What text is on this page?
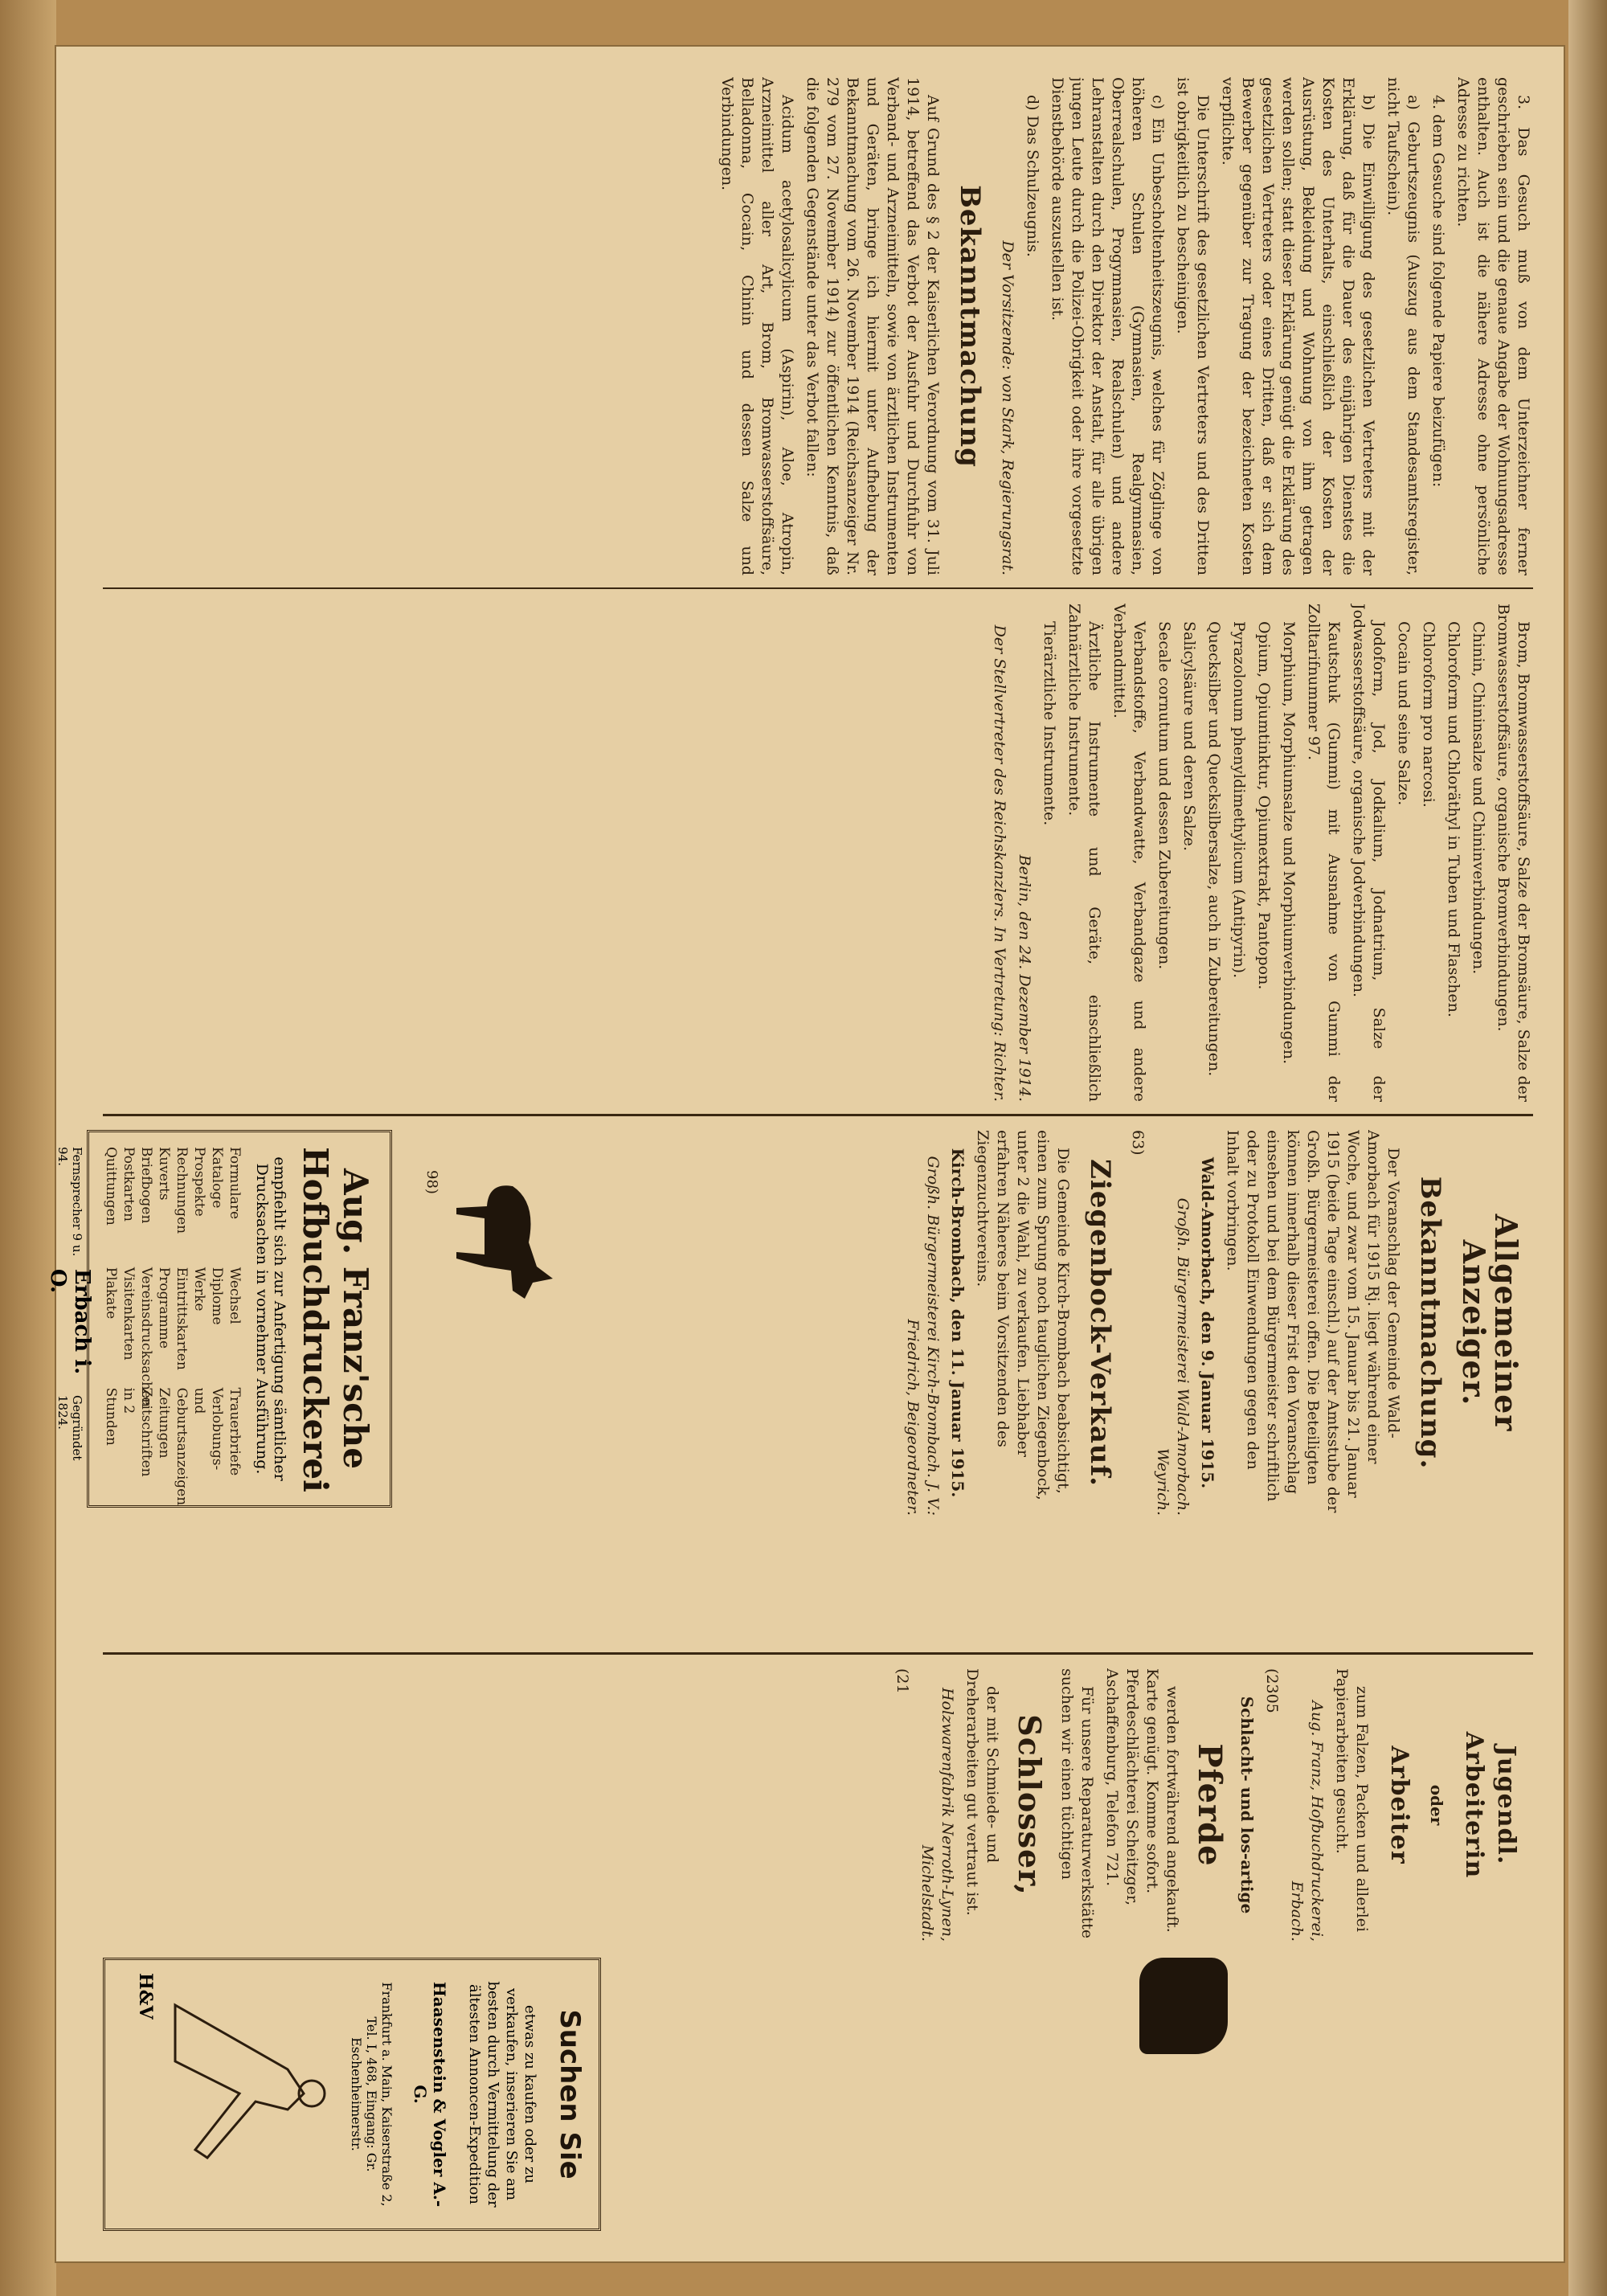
3. Das Gesuch muß von dem Unterzeichner ferner geschrieben sein und die genaue Angabe der Wohnungsadresse enthalten. Auch ist die nähere Adresse ohne persönliche Adresse zu richten.

4. dem Gesuche sind folgende Papiere beizufügen:

a) Geburtszeugnis (Auszug aus dem Standesamtsregister, nicht Taufschein).

b) Die Einwilligung des gesetzlichen Vertreters mit der Erklärung, daß für die Dauer des einjährigen Dienstes die Kosten des Unterhalts, einschließlich der Kosten der Ausrüstung, Bekleidung und Wohnung von ihm getragen werden sollen; statt dieser Erklärung genügt die Erklärung des gesetzlichen Vertreters oder eines Dritten, daß er sich dem Bewerber gegenüber zur Tragung der bezeichneten Kosten verpflichte.

Die Unterschrift des gesetzlichen Vertreters und des Dritten ist obrigkeitlich zu bescheinigen.

c) Ein Unbescholtenheitszeugnis, welches für Zöglinge von höheren Schulen (Gymnasien, Realgymnasien, Oberrealschulen, Progymnasien, Realschulen) und andere Lehranstalten durch den Direktor der Anstalt, für alle übrigen jungen Leute durch die Polizei-Obrigkeit oder ihre vorgesetzte Dienstbehörde auszustellen ist.

d) Das Schulzeugnis.

Der Vorsitzende: von Stark, Regierungsrat.

Bekanntmachung

Auf Grund des § 2 der Kaiserlichen Verordnung vom 31. Juli 1914, betreffend das Verbot der Ausfuhr und Durchfuhr von Verband- und Arzneimitteln, sowie von ärztlichen Instrumenten und Geräten, bringe ich hiermit unter Aufhebung der Bekanntmachung vom 26. November 1914 (Reichsanzeiger Nr. 279 vom 27. November 1914) zur öffentlichen Kenntnis, daß die folgenden Gegenstände unter das Verbot fallen:

Acidum acetylosalicylicum (Aspirin), Aloe, Atropin, Arzneimittel aller Art, Brom, Bromwasserstoffsäure, Belladonna, Cocain, Chinin und dessen Salze und Verbindungen.

Brom, Bromwasserstoffsäure, Salze der Bromsäure, Salze der Bromwasserstoffsäure, organische Bromverbindungen.

Chinin, Chininsalze und Chininverbindungen.

Chloroform und Chloräthyl in Tuben und Flaschen.

Chloroform pro narcosi.

Cocain und seine Salze.

Jodoform, Jod, Jodkalium, Jodnatrium, Salze der Jodwasserstoffsäure, organische Jodverbindungen.

Kautschuk (Gummi) mit Ausnahme von Gummi der Zolltarifnummer 97.

Morphium, Morphiumsalze und Morphiumverbindungen.

Opium, Opiumtinktur, Opiumextrakt, Pantopon.

Pyrazolonum phenyldimethylicum (Antipyrin).

Quecksilber und Quecksilbersalze, auch in Zubereitungen.

Salicylsäure und deren Salze.

Secale cornutum und dessen Zubereitungen.

Verbandstoffe, Verbandwatte, Verbandgaze und andere Verbandmittel.

Ärztliche Instrumente und Geräte, einschließlich Zahnärztliche Instrumente.

Tierärztliche Instrumente.

Berlin, den 24. Dezember 1914.

Der Stellvertreter des Reichskanzlers. In Vertretung: Richter.

Allgemeiner Anzeiger.
Bekanntmachung.

Der Voranschlag der Gemeinde Wald-Amorbach für 1915 Rj. liegt während einer Woche, und zwar vom 15. Januar bis 21. Januar 1915 (beide Tage einschl.) auf der Amtsstube der Großh. Bürgermeisterei offen. Die Beteiligten können innerhalb dieser Frist den Voranschlag einsehen und bei dem Bürgermeister schriftlich oder zu Protokoll Einwendungen gegen den Inhalt vorbringen.

Wald-Amorbach, den 9. Januar 1915.

Großh. Bürgermeisterei Wald-Amorbach. Weyrich.

63)

Ziegenbock-Verkauf.

Die Gemeinde Kirch-Brombach beabsichtigt, einen zum Sprung noch tauglichen Ziegenbock, unter 2 die Wahl, zu verkaufen. Liebhaber erfahren Näheres beim Vorsitzenden des Ziegenzuchtvereins.

Kirch-Brombach, den 11. Januar 1915.

Großh. Bürgermeisterei Kirch-Brombach. J. V.: Friedrich, Beigeordneter.

98)
Aug. Franz'sche Hofbuchdruckerei
empfiehlt sich zur Anfertigung sämtlicher Drucksachen in vornehmer Ausführung.
Formulare
Kataloge
Prospekte
Rechnungen
Kuverts
Briefbogen
Postkarten
Quittungen
Wechsel
Diplome
Werke
Eintrittskarten
Programme
Vereinsdrucksachen
Visitenkarten
Plakate
Trauerbriefe
Verlobungs- und Geburtsanzeigen
Zeitungen
Zeitschriften
in 2 Stunden
Fernsprecher 9 u. 94.
Erbach i. O.
Gegründet 1824.
Jugendl. Arbeiterin
oder
Arbeiter

zum Falzen, Packen und allerlei Papierarbeiten gesucht.

Aug. Franz, Hofbuchdruckerei, Erbach.

(2305

Schlacht- und los-artige

Pferde

werden fortwährend angekauft. Karte genügt. Komme sofort. Pferdeschlächterei Scheitzger, Aschaffenburg, Telefon 721.

Für unsere Reparaturwerkstätte suchen wir einen tüchtigen

Schlosser,

der mit Schmiede- und Dreherarbeiten gut vertraut ist.

Holzwarenfabrik Nerroth-Lynen, Michelstadt.

(21

Suchen Sie

etwas zu kaufen oder zu verkaufen, inserieren Sie am besten durch Vermittelung der ältesten Annoncen-Expedition

Haasenstein & Vogler A.-G.

Frankfurt a. Main, Kaiserstraße 2, Tel. I, 468, Eingang: Gr. Eschenheimerstr.

H&V
